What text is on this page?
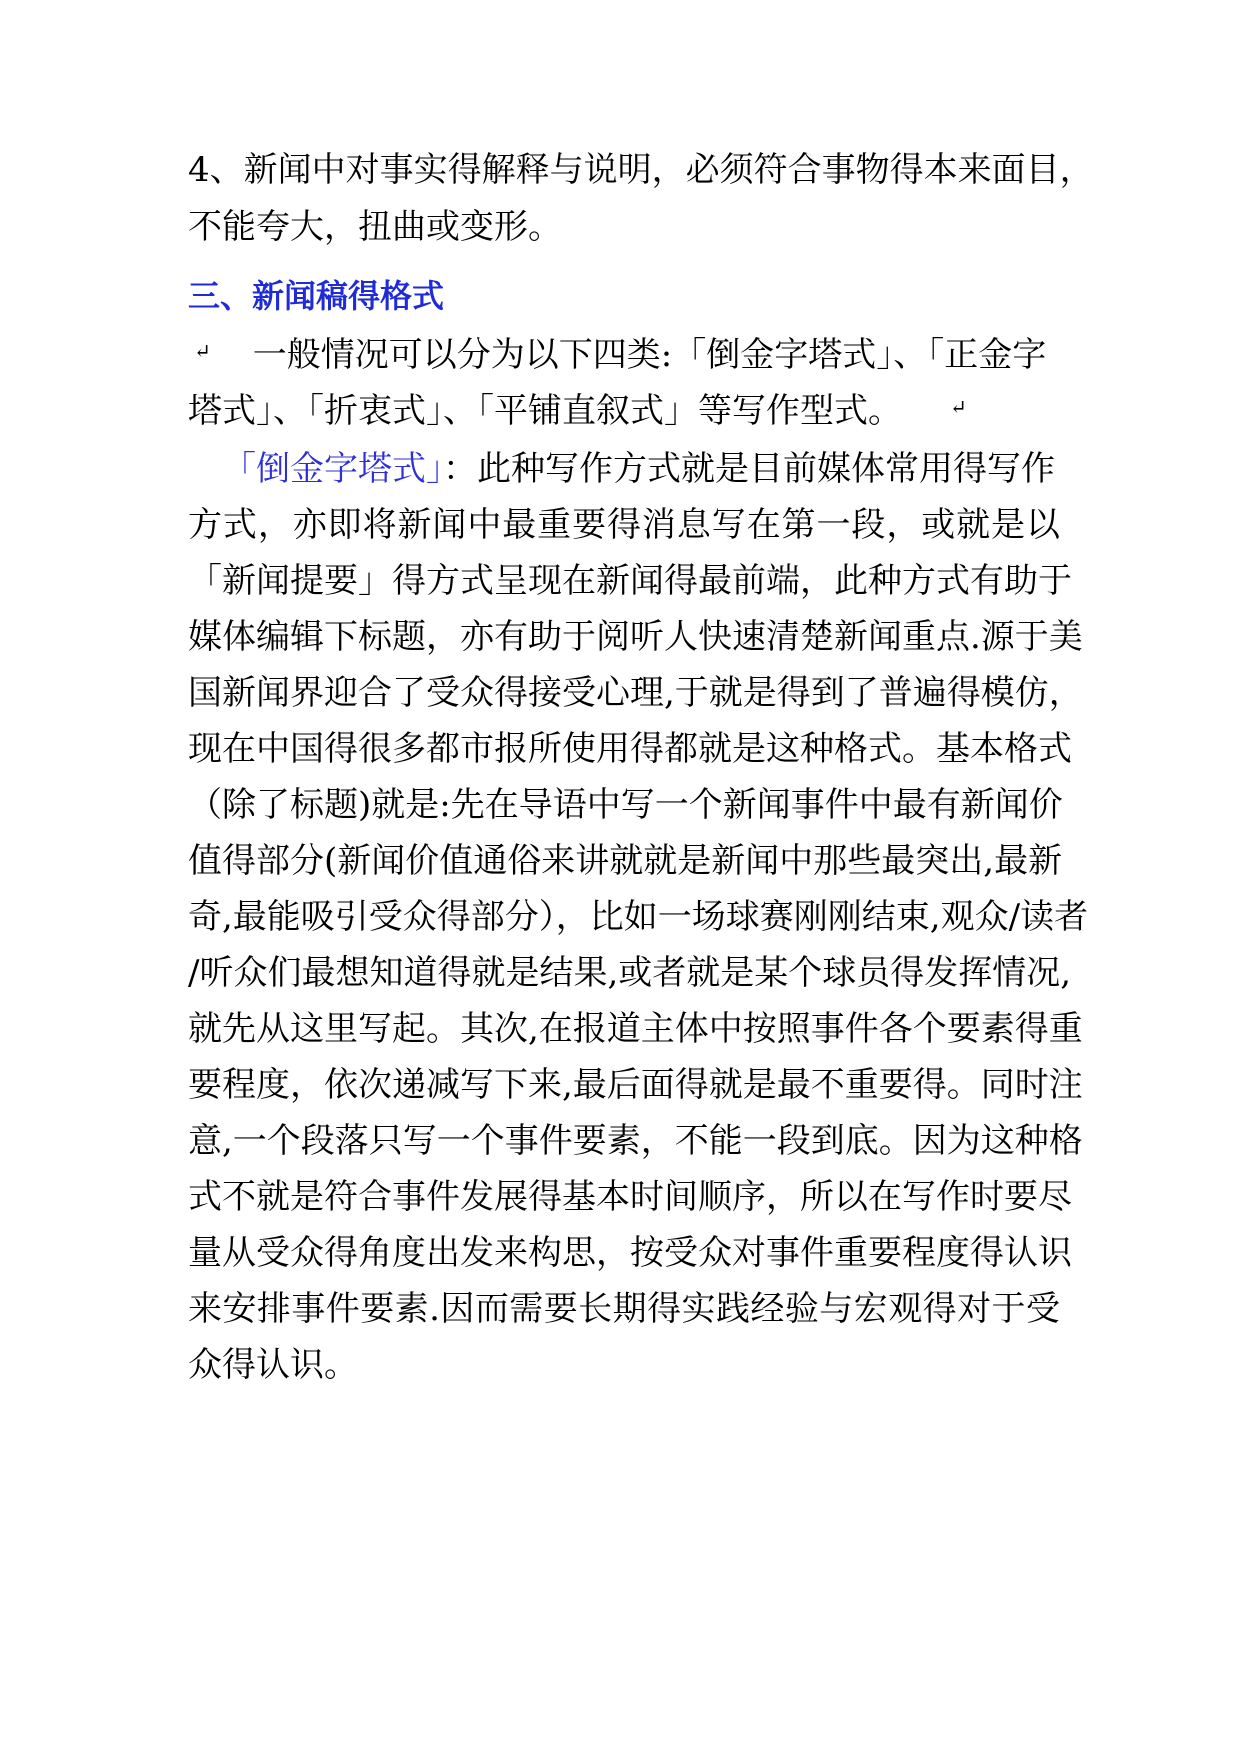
4、新闻中对事实得解释与说明，必须符合事物得本来面目，
不能夸大，扭曲或变形。
三、新闻稿得格式
↵ 一般情况可以分为以下四类:「倒金字塔式」、「正金字
塔式」、「折衷式」、「平铺直叙式」等写作型式。 ↵
「倒金字塔式」：此种写作方式就是目前媒体常用得写作
方式，亦即将新闻中最重要得消息写在第一段，或就是以
「新闻提要」得方式呈现在新闻得最前端，此种方式有助于
媒体编辑下标题，亦有助于阅听人快速清楚新闻重点.源于美
国新闻界迎合了受众得接受心理,于就是得到了普遍得模仿，
现在中国得很多都市报所使用得都就是这种格式。基本格式
（除了标题)就是:先在导语中写一个新闻事件中最有新闻价
值得部分(新闻价值通俗来讲就就是新闻中那些最突出,最新
奇,最能吸引受众得部分），比如一场球赛刚刚结束,观众/读者
/听众们最想知道得就是结果,或者就是某个球员得发挥情况,
就先从这里写起。其次,在报道主体中按照事件各个要素得重
要程度，依次递减写下来,最后面得就是最不重要得。同时注
意,一个段落只写一个事件要素，不能一段到底。因为这种格
式不就是符合事件发展得基本时间顺序，所以在写作时要尽
量从受众得角度出发来构思，按受众对事件重要程度得认识
来安排事件要素.因而需要长期得实践经验与宏观得对于受
众得认识。
